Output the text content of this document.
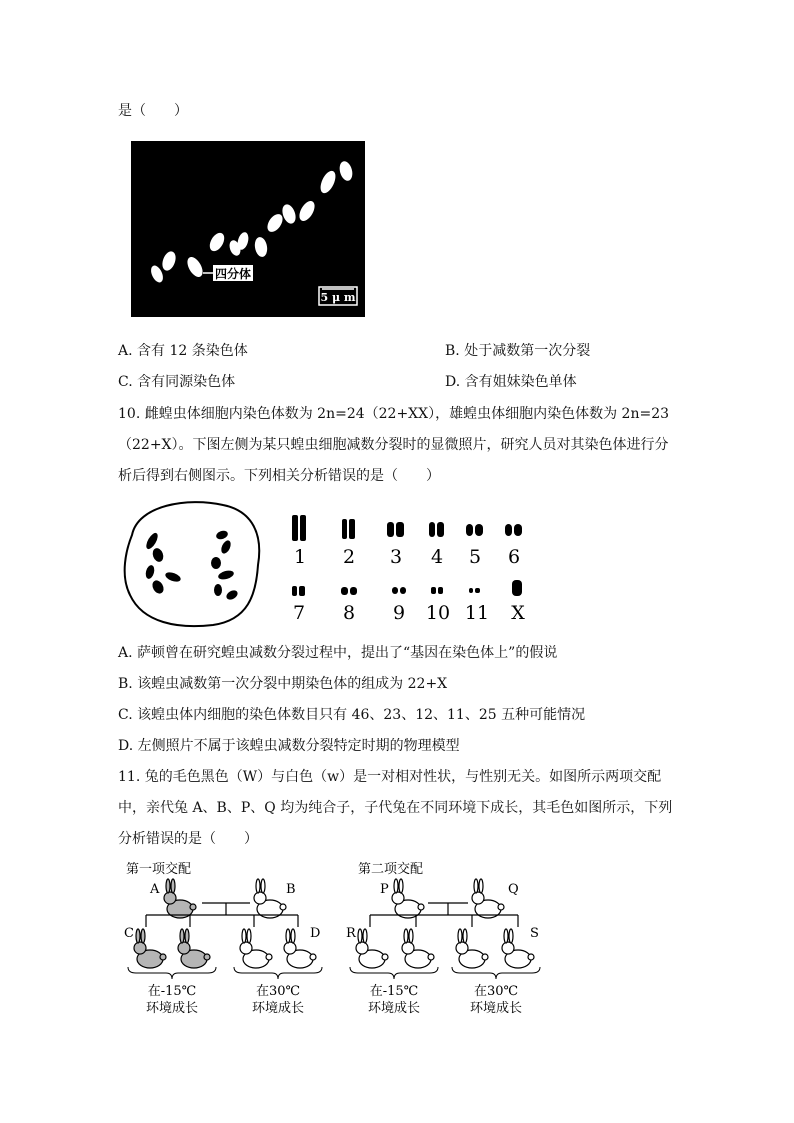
是（　　）
四分体
5 μ m
A. 含有 12 条染色体	B. 处于减数第一次分裂
C. 含有同源染色体	D. 含有姐妹染色单体
10. 雌蝗虫体细胞内染色体数为 2n=24（22+XX），雄蝗虫体细胞内染色体数为 2n=23
（22+X）。下图左侧为某只蝗虫细胞减数分裂时的显微照片，研究人员对其染色体进行分
析后得到右侧图示。下列相关分析错误的是（　　）
1 2 3 4 5 6
7 8 9 10 11 X
A. 萨顿曾在研究蝗虫减数分裂过程中，提出了“基因在染色体上”的假说
B. 该蝗虫减数第一次分裂中期染色体的组成为 22+X
C. 该蝗虫体内细胞的染色体数目只有 46、23、12、11、25 五种可能情况
D. 左侧照片不属于该蝗虫减数分裂特定时期的物理模型
11. 兔的毛色黑色（W）与白色（w）是一对相对性状，与性别无关。如图所示两项交配
中，亲代兔 A、B、P、Q 均为纯合子，子代兔在不同环境下成长，其毛色如图所示，下列
分析错误的是（　　）
第一项交配	第二项交配
A	B	P	Q
C	D R	S
在-15℃
环境成长
在30℃
环境成长
在-15℃
环境成长
在30℃
环境成长
